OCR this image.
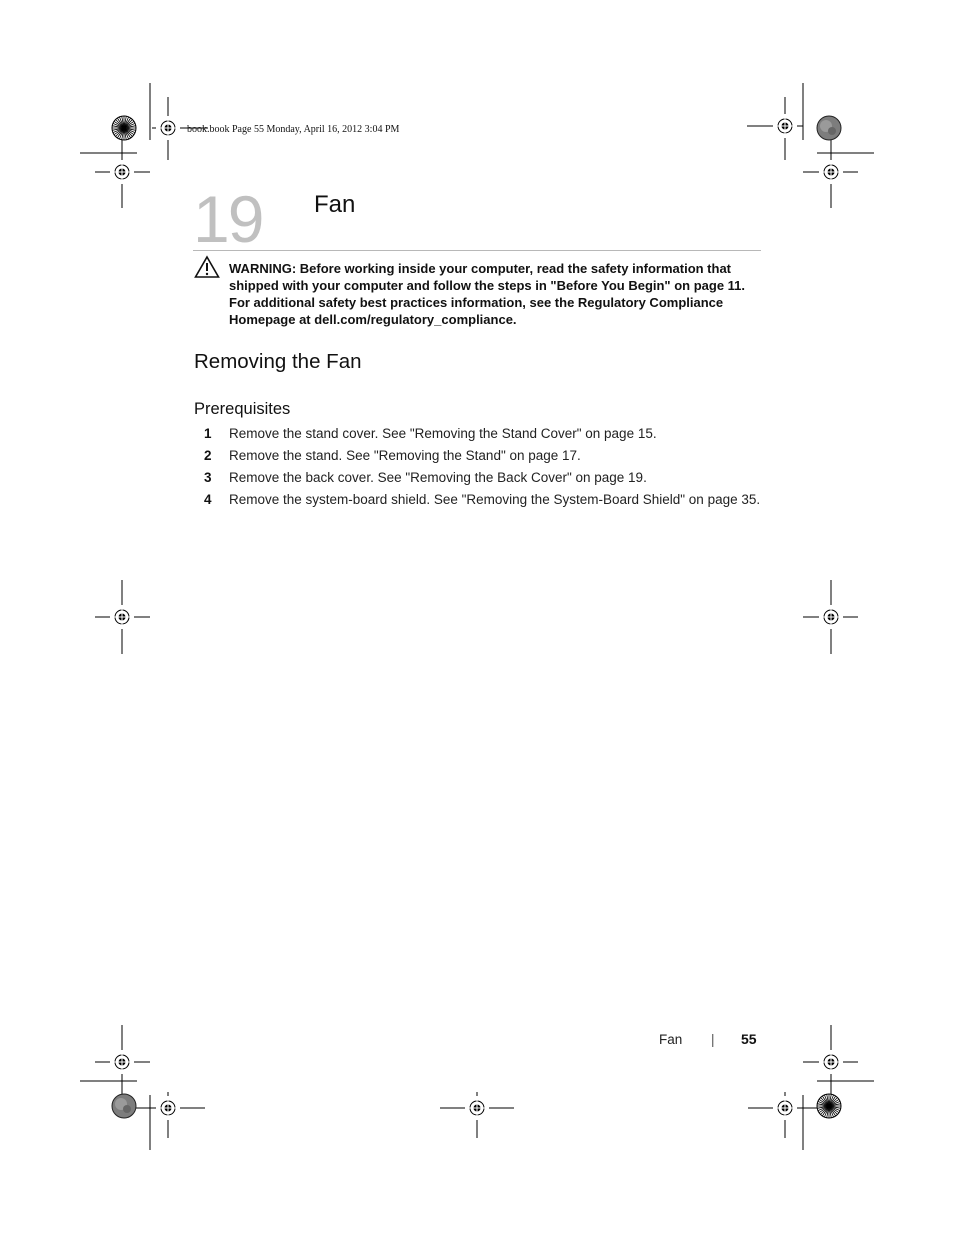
book.book Page 55 Monday, April 16, 2012 3:04 PM
19 Fan
WARNING: Before working inside your computer, read the safety information that shipped with your computer and follow the steps in "Before You Begin" on page 11. For additional safety best practices information, see the Regulatory Compliance Homepage at dell.com/regulatory_compliance.
Removing the Fan
Prerequisites
1 Remove the stand cover. See "Removing the Stand Cover" on page 15.
2 Remove the stand. See "Removing the Stand" on page 17.
3 Remove the back cover. See "Removing the Back Cover" on page 19.
4 Remove the system-board shield. See "Removing the System-Board Shield" on page 35.
Fan | 55
